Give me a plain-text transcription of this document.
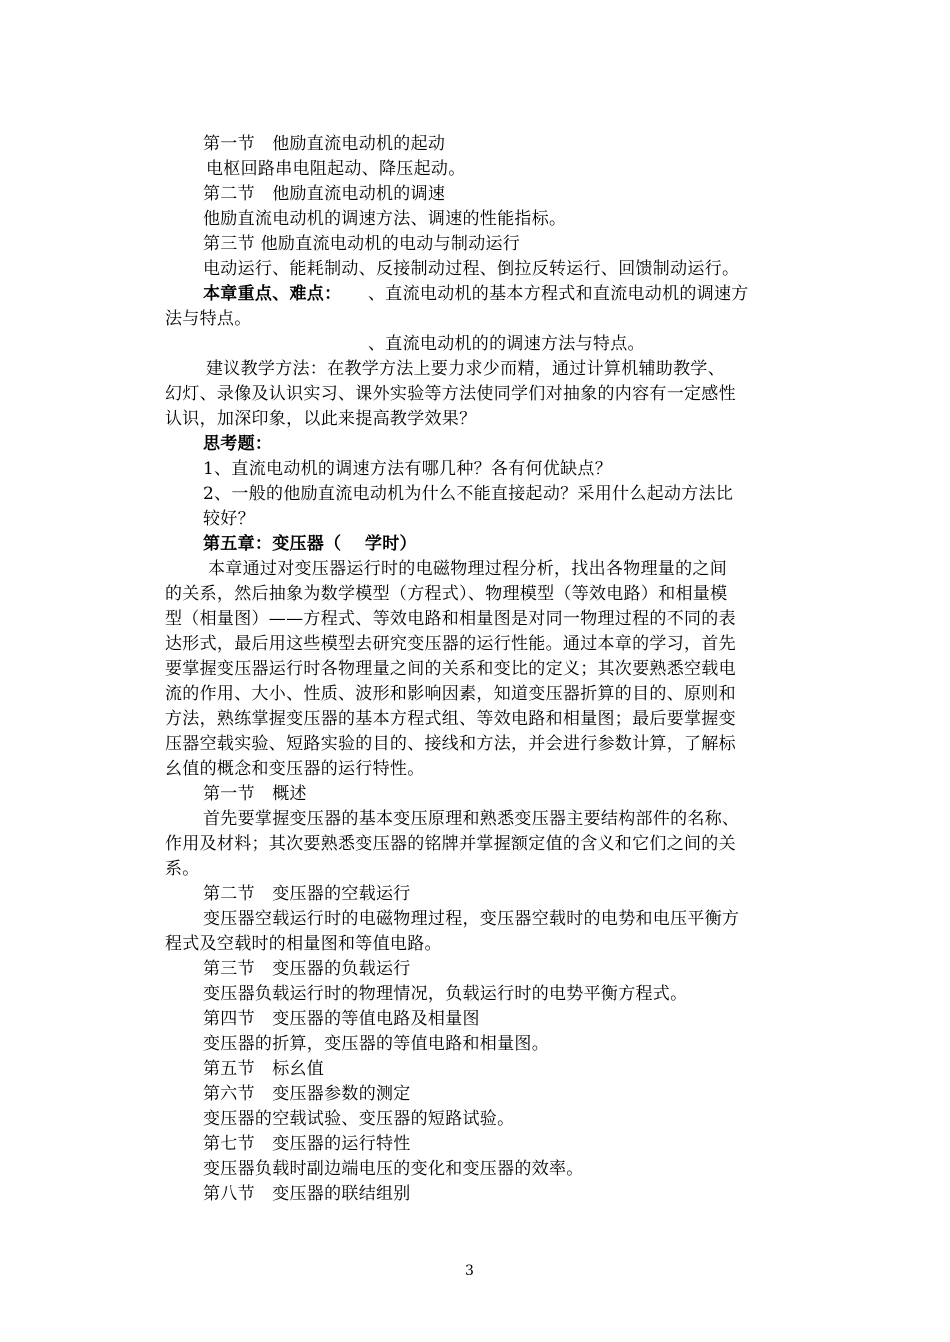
第一节　他励直流电动机的起动
电枢回路串电阻起动、降压起动。
第二节　他励直流电动机的调速
他励直流电动机的调速方法、调速的性能指标。
第三节 他励直流电动机的电动与制动运行
电动运行、能耗制动、反接制动过程、倒拉反转运行、回馈制动运行。
本章重点、难点： 、直流电动机的基本方程式和直流电动机的调速方
法与特点。
、直流电动机的的调速方法与特点。
建议教学方法：在教学方法上要力求少而精，通过计算机辅助教学、
幻灯、录像及认识实习、课外实验等方法使同学们对抽象的内容有一定感性
认识，加深印象，以此来提高教学效果？
思考题：
1、直流电动机的调速方法有哪几种？各有何优缺点？
2、一般的他励直流电动机为什么不能直接起动？采用什么起动方法比
较好？
第五章：变压器（　 学时）
本章通过对变压器运行时的电磁物理过程分析，找出各物理量的之间
的关系，然后抽象为数学模型（方程式）、物理模型（等效电路）和相量模
型（相量图）——方程式、等效电路和相量图是对同一物理过程的不同的表
达形式，最后用这些模型去研究变压器的运行性能。通过本章的学习，首先
要掌握变压器运行时各物理量之间的关系和变比的定义；其次要熟悉空载电
流的作用、大小、性质、波形和影响因素，知道变压器折算的目的、原则和
方法，熟练掌握变压器的基本方程式组、等效电路和相量图；最后要掌握变
压器空载实验、短路实验的目的、接线和方法，并会进行参数计算，了解标
幺值的概念和变压器的运行特性。
第一节　概述
首先要掌握变压器的基本变压原理和熟悉变压器主要结构部件的名称、
作用及材料；其次要熟悉变压器的铭牌并掌握额定值的含义和它们之间的关
系。
第二节　变压器的空载运行
变压器空载运行时的电磁物理过程，变压器空载时的电势和电压平衡方
程式及空载时的相量图和等值电路。
第三节　变压器的负载运行
变压器负载运行时的物理情况，负载运行时的电势平衡方程式。
第四节　变压器的等值电路及相量图
变压器的折算，变压器的等值电路和相量图。
第五节　标幺值
第六节　变压器参数的测定
变压器的空载试验、变压器的短路试验。
第七节　变压器的运行特性
变压器负载时副边端电压的变化和变压器的效率。
第八节　变压器的联结组别
3
